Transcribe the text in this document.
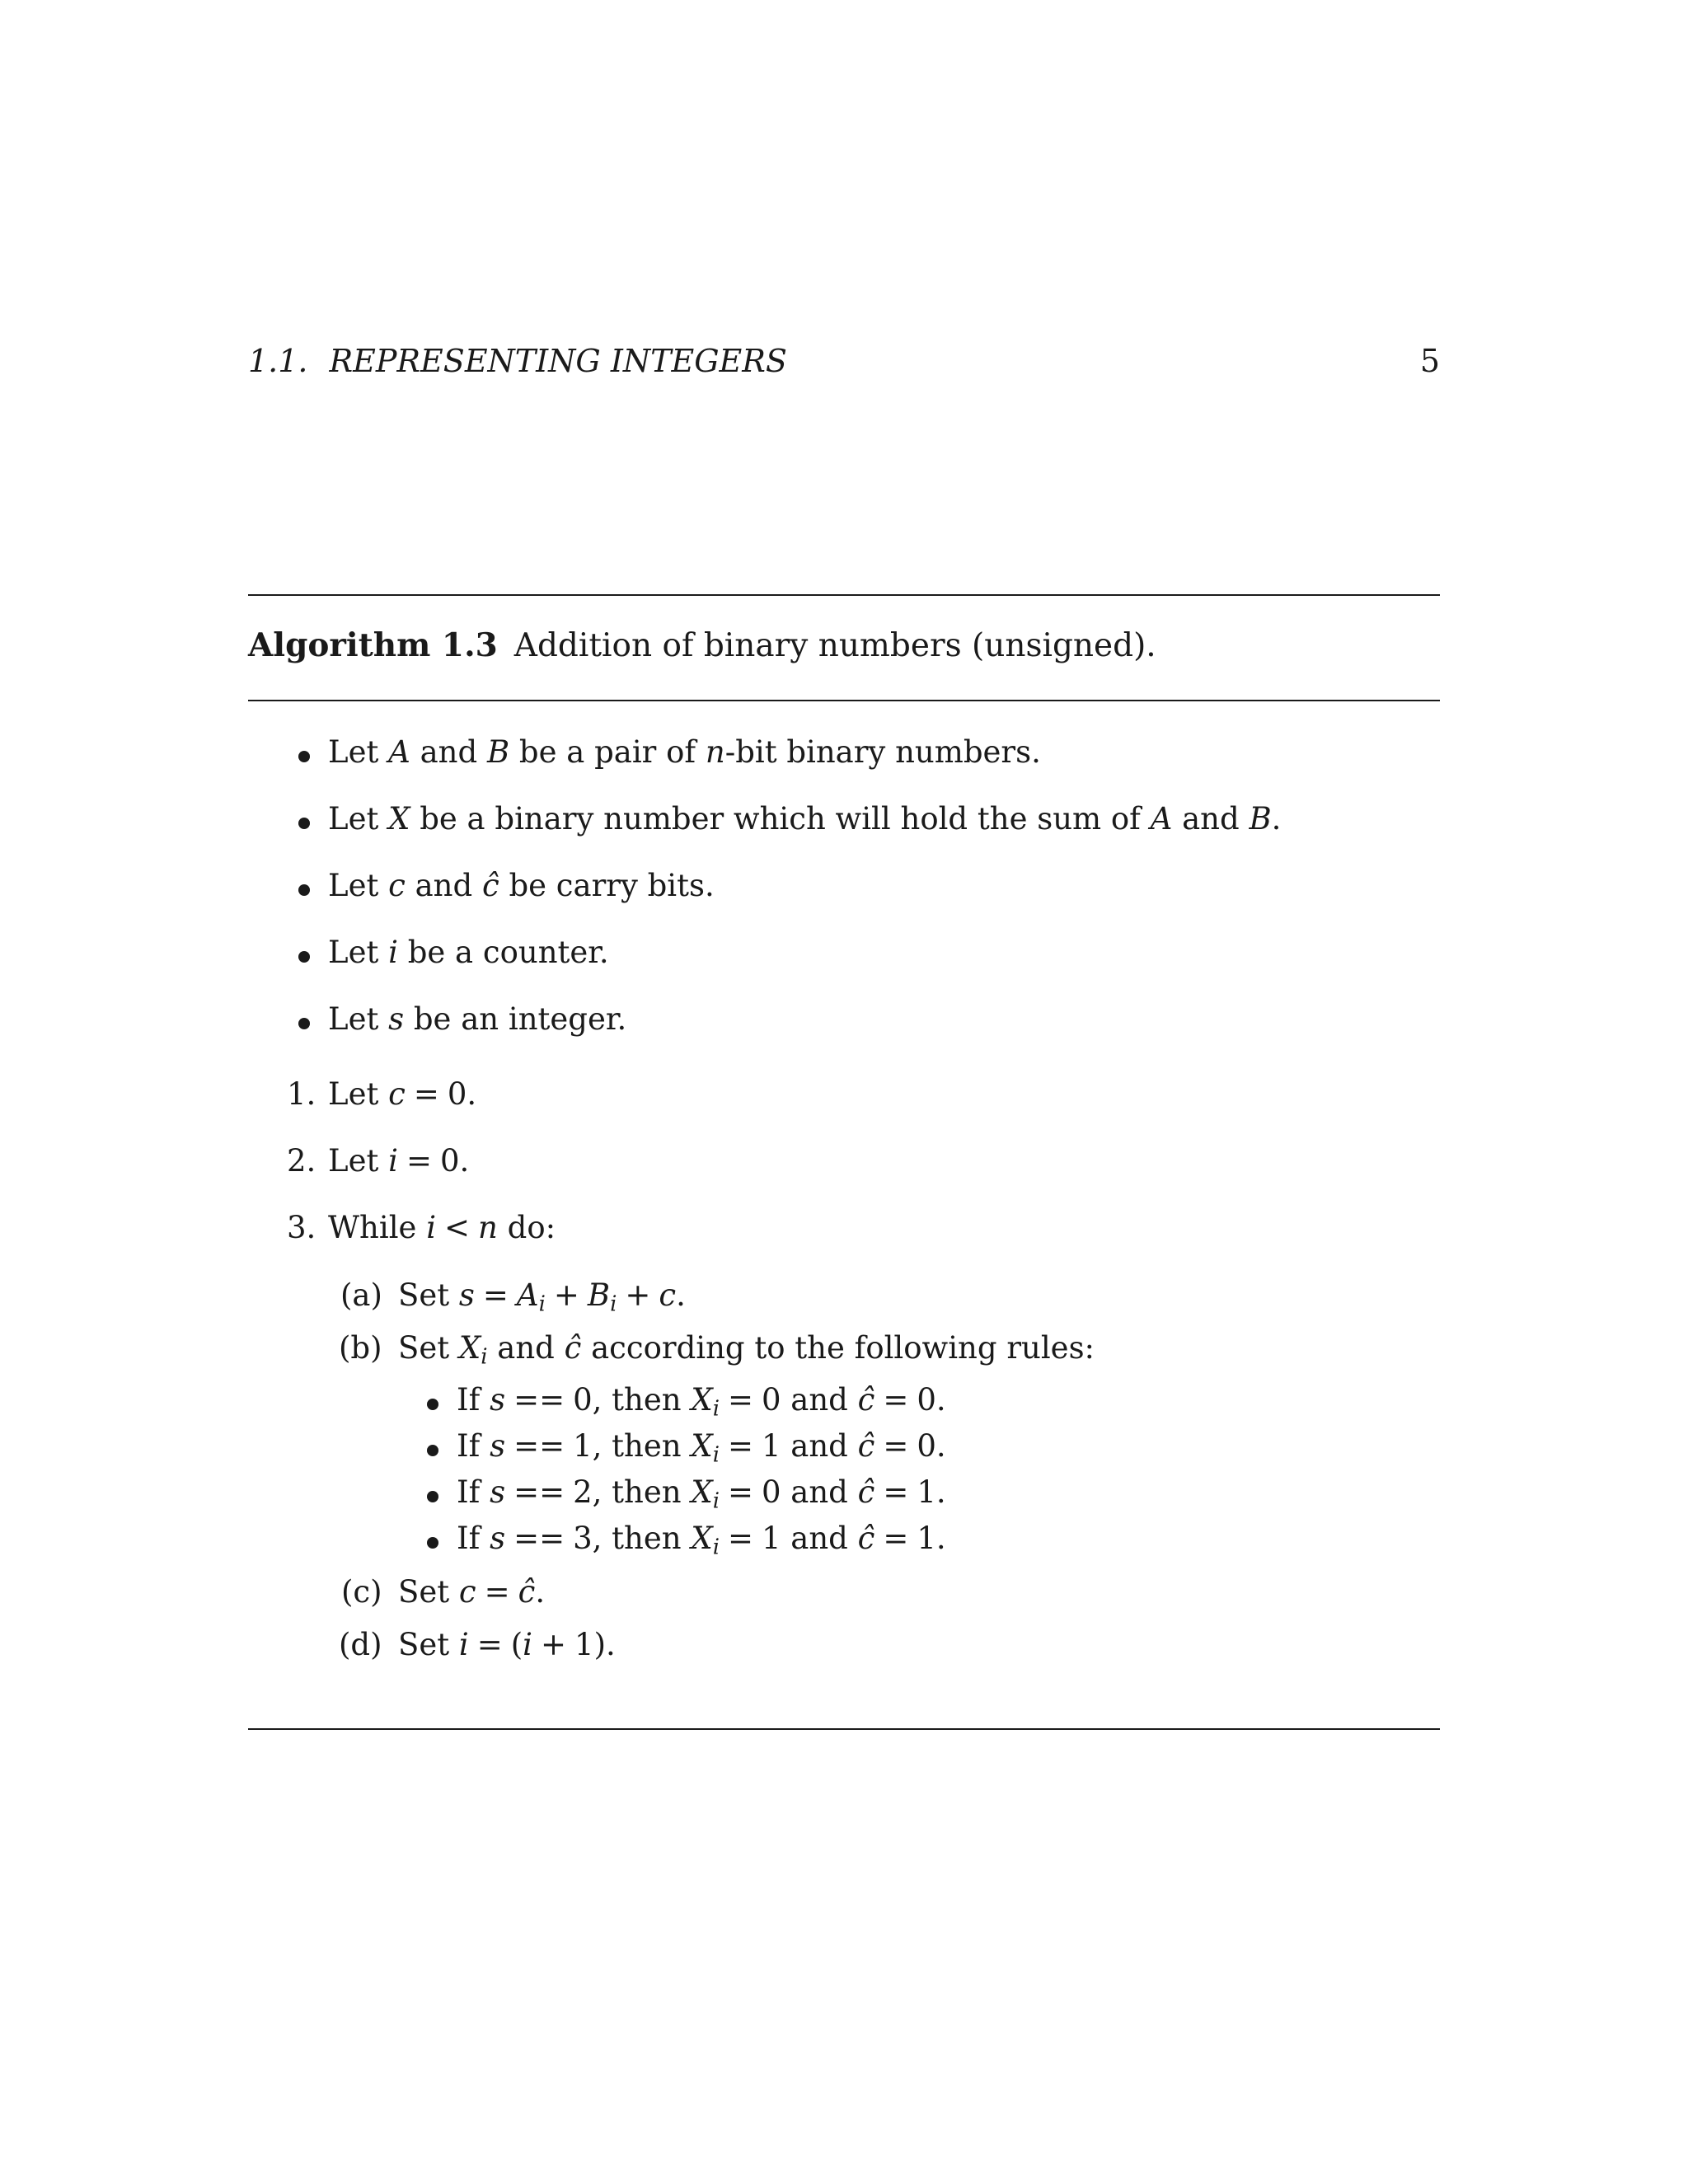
1.1. REPRESENTING INTEGERS	5
Algorithm 1.3 Addition of binary numbers (unsigned).
Let A and B be a pair of n-bit binary numbers.
Let X be a binary number which will hold the sum of A and B.
Let c and ĉ be carry bits.
Let i be a counter.
Let s be an integer.
1. Let c = 0.
2. Let i = 0.
3. While i < n do:
(a) Set $s = A_i + B_i + c$.
(b) Set $X_i$ and ĉ according to the following rules:
If s == 0, then $X_i = 0$ and ĉ = 0.
If s == 1, then $X_i = 1$ and ĉ = 0.
If s == 2, then $X_i = 0$ and ĉ = 1.
If s == 3, then $X_i = 1$ and ĉ = 1.
(c) Set c = ĉ.
(d) Set i = (i + 1).
